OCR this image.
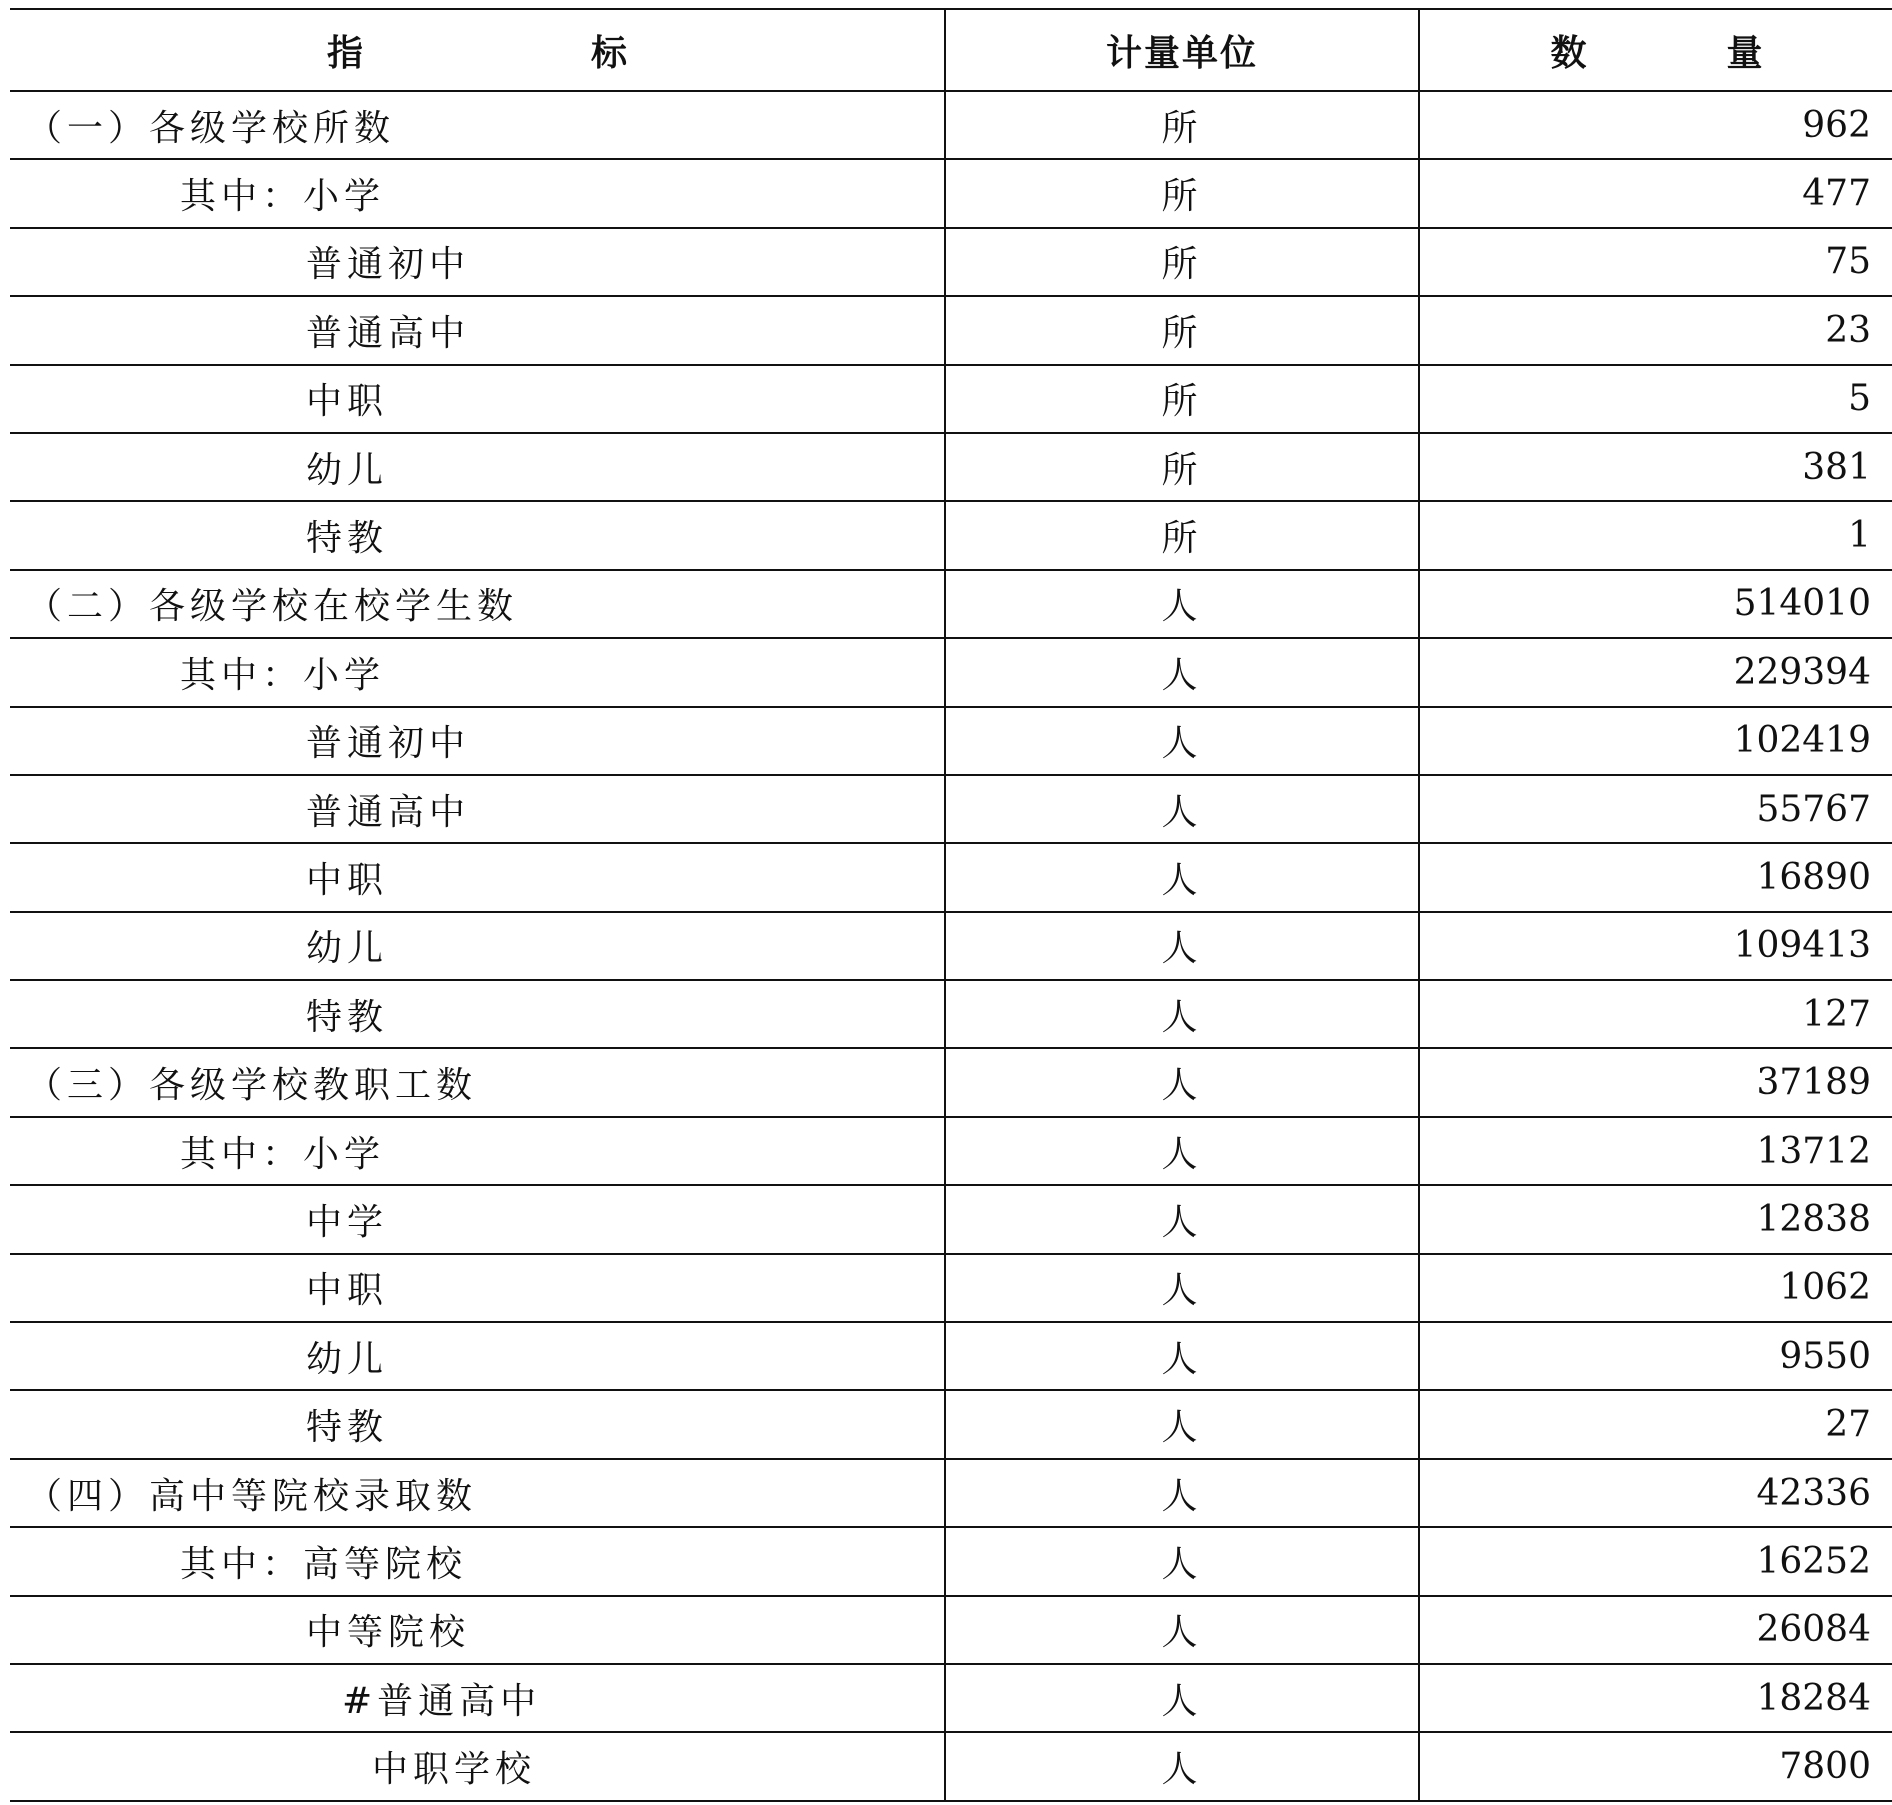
指　　标	计量单位	数　量
（一）各级学校所数	所	962
其中：小学	所	477
普通初中	所	75
普通高中	所	23
中职	所	5
幼儿	所	381
特教	所	1
（二）各级学校在校学生数	人	514010
其中：小学	人	229394
普通初中	人	102419
普通高中	人	55767
中职	人	16890
幼儿	人	109413
特教	人	127
（三）各级学校教职工数	人	37189
其中：小学	人	13712
中学	人	12838
中职	人	1062
幼儿	人	9550
特教	人	27
（四）高中等院校录取数	人	42336
其中：高等院校	人	16252
中等院校	人	26084
#普通高中	人	18284
中职学校	人	7800
